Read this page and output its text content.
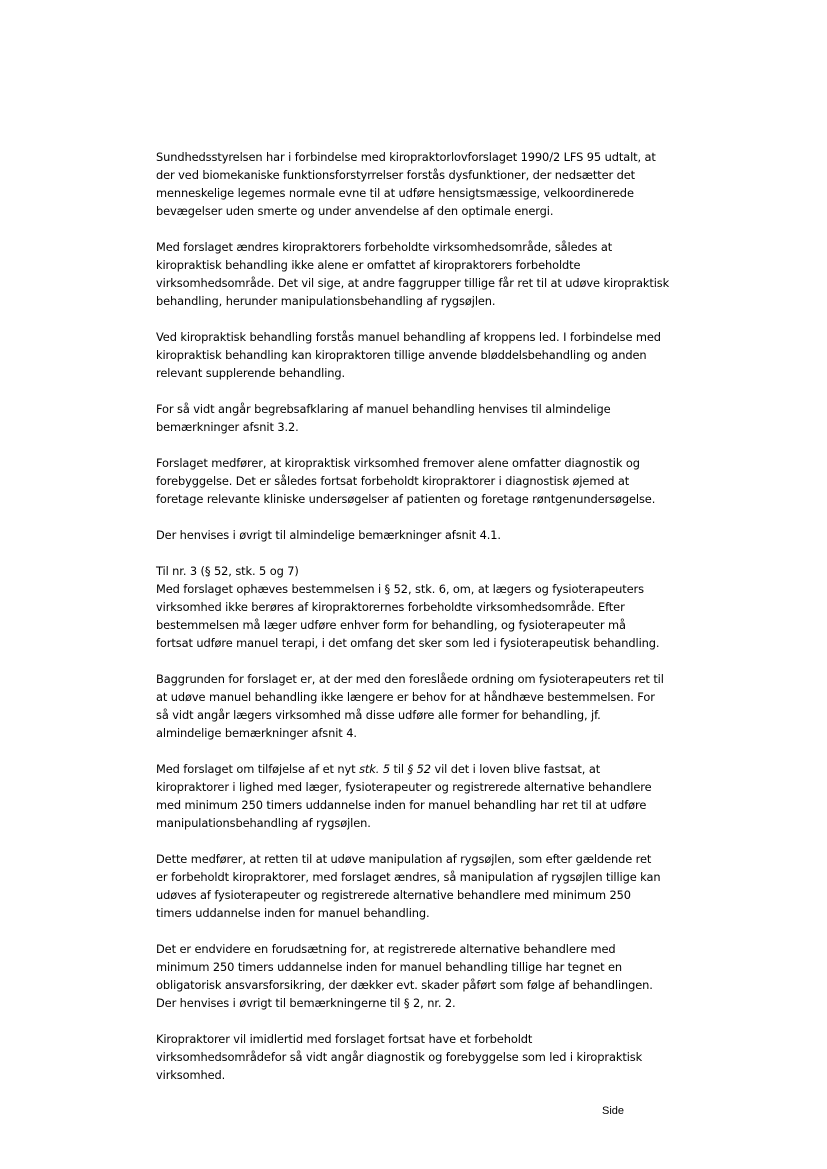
Sundhedsstyrelsen har i forbindelse med kiropraktorlovforslaget 1990/2 LFS 95 udtalt, at
der ved biomekaniske funktionsforstyrrelser forstås dysfunktioner, der nedsætter det
menneskelige legemes normale evne til at udføre hensigtsmæssige, velkoordinerede
bevægelser uden smerte og under anvendelse af den optimale energi.

Med forslaget ændres kiropraktorers forbeholdte virksomhedsområde, således at
kiropraktisk behandling ikke alene er omfattet af kiropraktorers forbeholdte
virksomhedsområde. Det vil sige, at andre faggrupper tillige får ret til at udøve kiropraktisk
behandling, herunder manipulationsbehandling af rygsøjlen.

Ved kiropraktisk behandling forstås manuel behandling af kroppens led. I forbindelse med
kiropraktisk behandling kan kiropraktoren tillige anvende bløddelsbehandling og anden
relevant supplerende behandling.

For så vidt angår begrebsafklaring af manuel behandling henvises til almindelige
bemærkninger afsnit 3.2.

Forslaget medfører, at kiropraktisk virksomhed fremover alene omfatter diagnostik og
forebyggelse. Det er således fortsat forbeholdt kiropraktorer i diagnostisk øjemed at
foretage relevante kliniske undersøgelser af patienten og foretage røntgenundersøgelse.

Der henvises i øvrigt til almindelige bemærkninger afsnit 4.1.

Til nr. 3 (§ 52, stk. 5 og 7)
Med forslaget ophæves bestemmelsen i § 52, stk. 6, om, at lægers og fysioterapeuters
virksomhed ikke berøres af kiropraktorernes forbeholdte virksomhedsområde. Efter
bestemmelsen må læger udføre enhver form for behandling, og fysioterapeuter må
fortsat udføre manuel terapi, i det omfang det sker som led i fysioterapeutisk behandling.

Baggrunden for forslaget er, at der med den foreslåede ordning om fysioterapeuters ret til
at udøve manuel behandling ikke længere er behov for at håndhæve bestemmelsen. For
så vidt angår lægers virksomhed må disse udføre alle former for behandling, jf.
almindelige bemærkninger afsnit 4.

Med forslaget om tilføjelse af et nyt stk. 5 til § 52 vil det i loven blive fastsat, at
kiropraktorer i lighed med læger, fysioterapeuter og registrerede alternative behandlere
med minimum 250 timers uddannelse inden for manuel behandling har ret til at udføre
manipulationsbehandling af rygsøjlen.

Dette medfører, at retten til at udøve manipulation af rygsøjlen, som efter gældende ret
er forbeholdt kiropraktorer, med forslaget ændres, så manipulation af rygsøjlen tillige kan
udøves af fysioterapeuter og registrerede alternative behandlere med minimum 250
timers uddannelse inden for manuel behandling.

Det er endvidere en forudsætning for, at registrerede alternative behandlere med
minimum 250 timers uddannelse inden for manuel behandling tillige har tegnet en
obligatorisk ansvarsforsikring, der dækker evt. skader påført som følge af behandlingen.
Der henvises i øvrigt til bemærkningerne til § 2, nr. 2.

Kiropraktorer vil imidlertid med forslaget fortsat have et forbeholdt
virksomhedsområdefor så vidt angår diagnostik og forebyggelse som led i kiropraktisk
virksomhed.

Side
